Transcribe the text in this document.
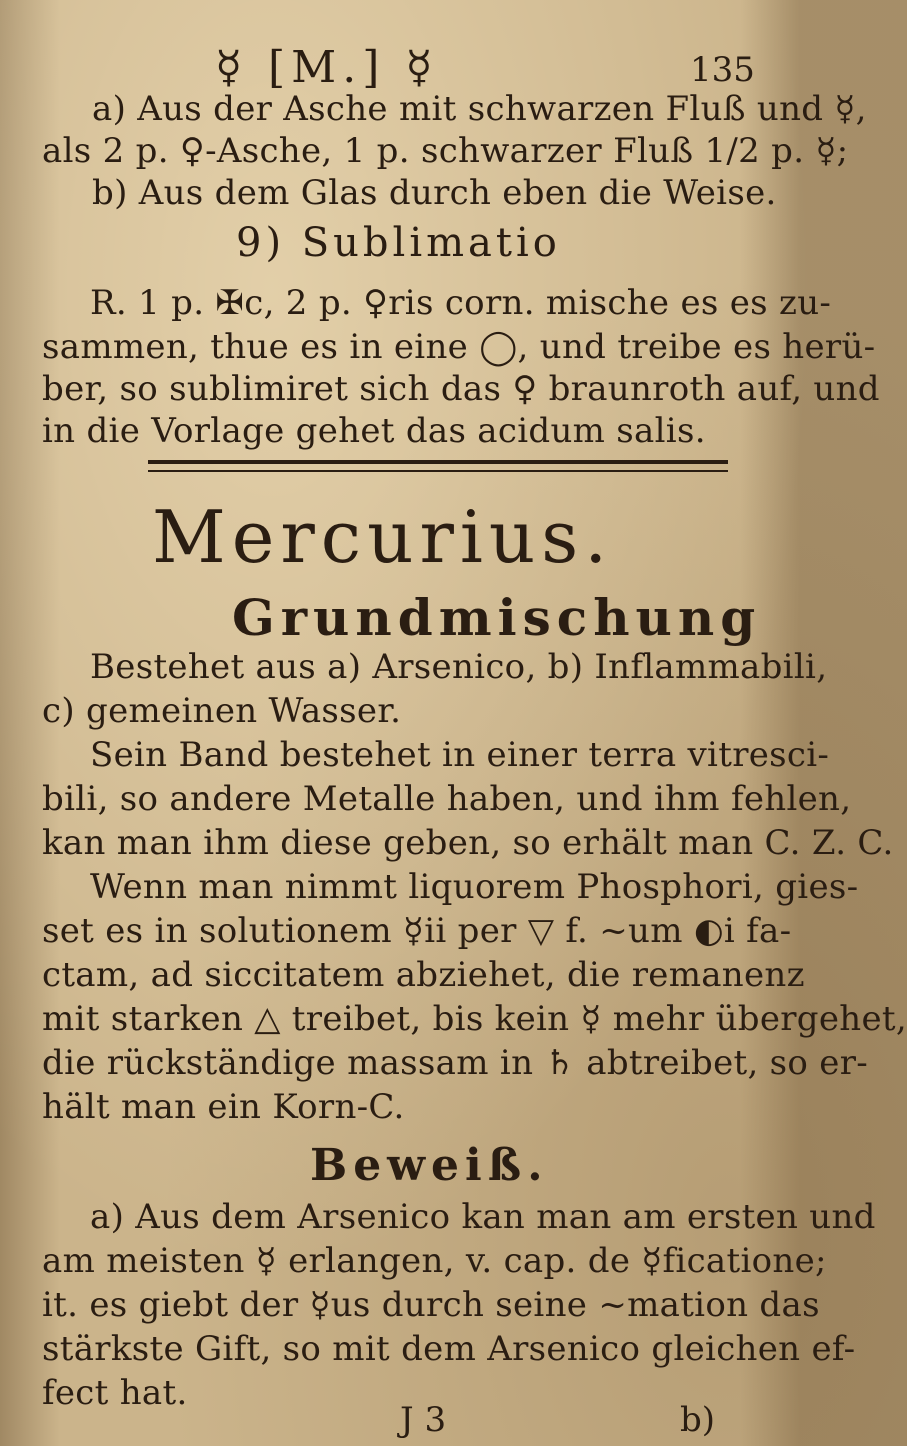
☿ [M.] ☿	135
a) Aus der Asche mit schwarzen Fluß und ☿,
als 2 p. ♀-Asche, 1 p. schwarzer Fluß 1/2 p. ☿;
b) Aus dem Glas durch eben die Weise.
9) Sublimatio
R. 1 p. ✠c, 2 p. ♀ris corn. mische es es zu-
sammen, thue es in eine ◯, und treibe es herü-
ber, so sublimiret sich das ♀ braunroth auf, und
in die Vorlage gehet das acidum salis.
Mercurius.
Grundmischung
Bestehet aus a) Arsenico, b) Inflammabili,
c) gemeinen Wasser.
Sein Band bestehet in einer terra vitresci-
bili, so andere Metalle haben, und ihm fehlen,
kan man ihm diese geben, so erhält man C. Z. C.
Wenn man nimmt liquorem Phosphori, gies-
set es in solutionem ☿ii per ▽ f. ~um ◐i fa-
ctam, ad siccitatem abziehet, die remanenz
mit starken △ treibet, bis kein ☿ mehr übergehet,
die rückständige massam in ♄ abtreibet, so er-
hält man ein Korn-C.
Beweiß.
a) Aus dem Arsenico kan man am ersten und
am meisten ☿ erlangen, v. cap. de ☿ficatione;
it. es giebt der ☿us durch seine ~mation das
stärkste Gift, so mit dem Arsenico gleichen ef-
fect hat.
J 3	b)
